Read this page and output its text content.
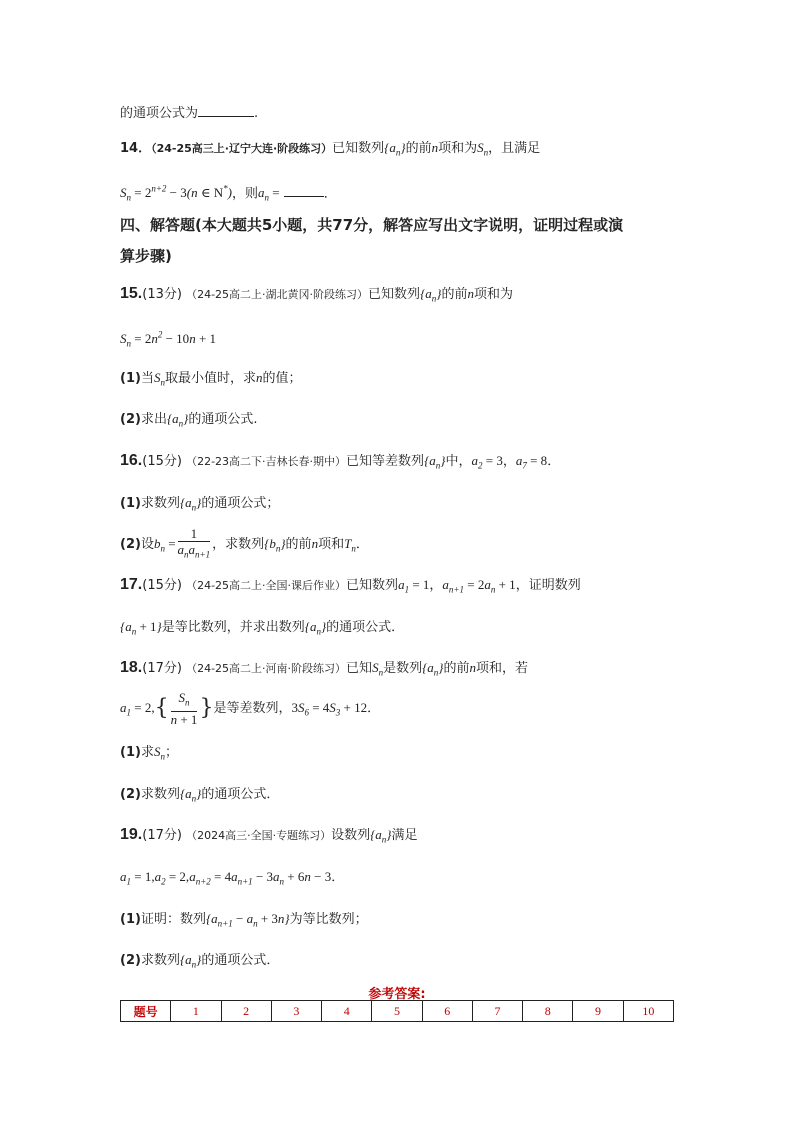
的通项公式为	.
14．（24-25高三上·辽宁大连·阶段练习）已知数列$\{a_n\}$的前n项和为$S_n$，且满足
$S_n = 2^{n+2} - 3(n$ ∈ N*)，则$a_n$ =	．
四、解答题(本大题共5小题，共77分，解答应写出文字说明，证明过程或演
算步骤)
15.(13分) （24-25高二上·湖北黄冈·阶段练习）已知数列$\{a_n\}$的前n项和为
$S_n = 2n^2 - 10n + 1$
(1)当$S_n$取最小值时，求n的值；
(2)求出$\{a_n\}$的通项公式.
16.(15分) （22-23高二下·吉林长春·期中）已知等差数列$\{a_n\}$中，$a_2 = 3$，$a_7 = 8$．
(1)求数列$\{a_n\}$的通项公式；
(2)设$b_n = \frac{1}{a_na_{n+1}}$ ，求数列$\{b_n\}$的前n项和$T_n$．
17.(15分) （24-25高二上·全国·课后作业）已知数列$a_1 = 1$，$a_{n+1} = 2a_n + 1$，证明数列
$\{a_n + 1\}$是等比数列，并求出数列$\{a_n\}$的通项公式．
18.(17分) （24-25高二上·河南·阶段练习）已知$S_n$是数列$\{a_n\}$的前n项和，若
$a_1 = 2,\{ \frac{S_n}{n + 1}$ }是等差数列，$3S_6 = 4S_3 + 12$．
(1)求$S_n$；
(2)求数列$\{a_n\}$的通项公式．
19.(17分) （2024高三·全国·专题练习）设数列$\{a_n\}$满足
$a_1 = 1,a_2 = 2,a_{n+2} = 4a_{n+1} - 3a_n + 6n - 3$．
(1)证明：数列$\{a_{n+1} - a_n + 3n\}$为等比数列；
(2)求数列$\{a_n\}$的通项公式．
参考答案:
题号	1	2	3	4	5	6	7	8	9	10
